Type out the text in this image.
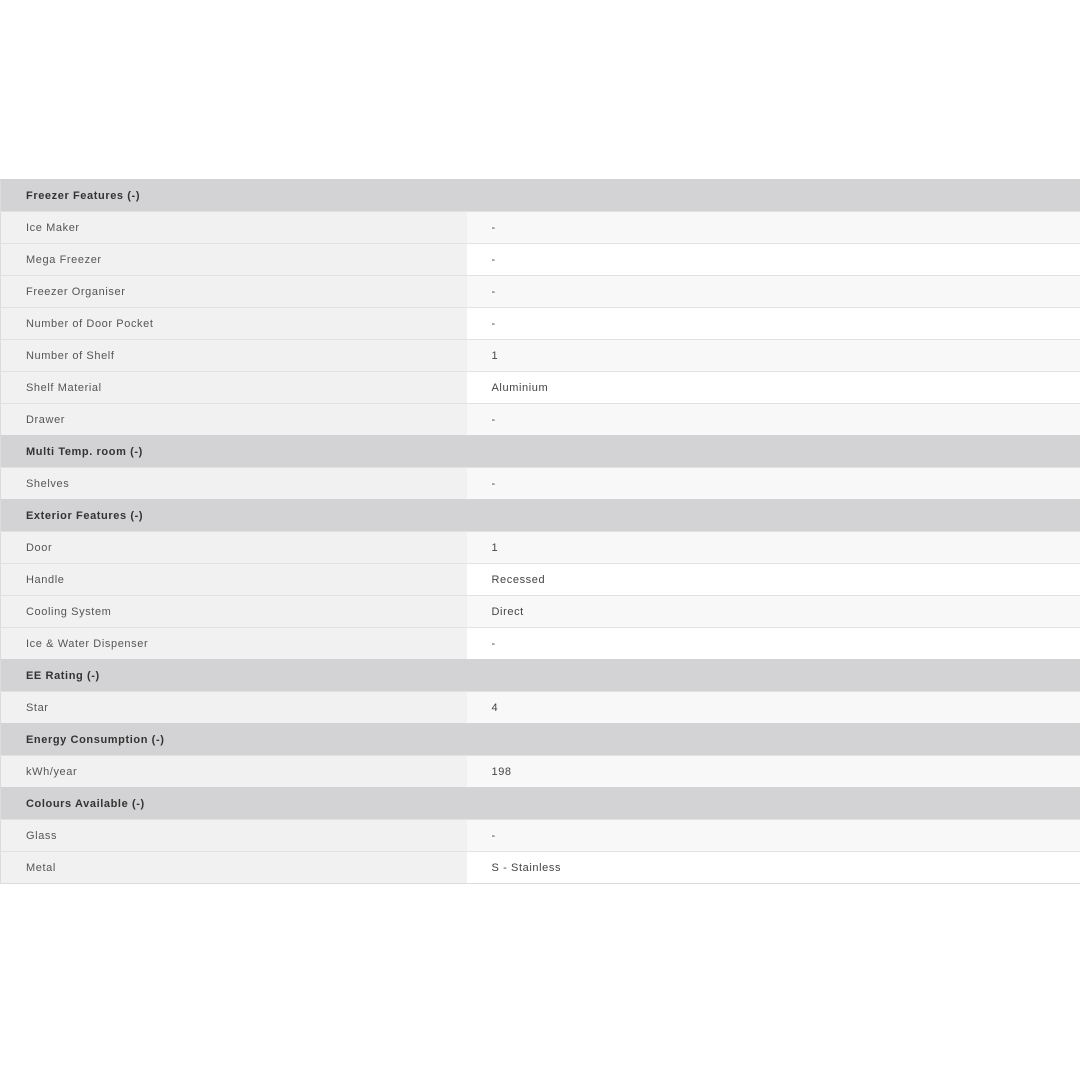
Freezer Features (-)	
Ice Maker	-
Mega Freezer	-
Freezer Organiser	-
Number of Door Pocket	-
Number of Shelf	1
Shelf Material	Aluminium
Drawer	-
Multi Temp. room (-)	
Shelves	-
Exterior Features (-)	
Door	1
Handle	Recessed
Cooling System	Direct
Ice & Water Dispenser	-
EE Rating (-)	
Star	4
Energy Consumption (-)	
kWh/year	198
Colours Available (-)	
Glass	-
Metal	S - Stainless
